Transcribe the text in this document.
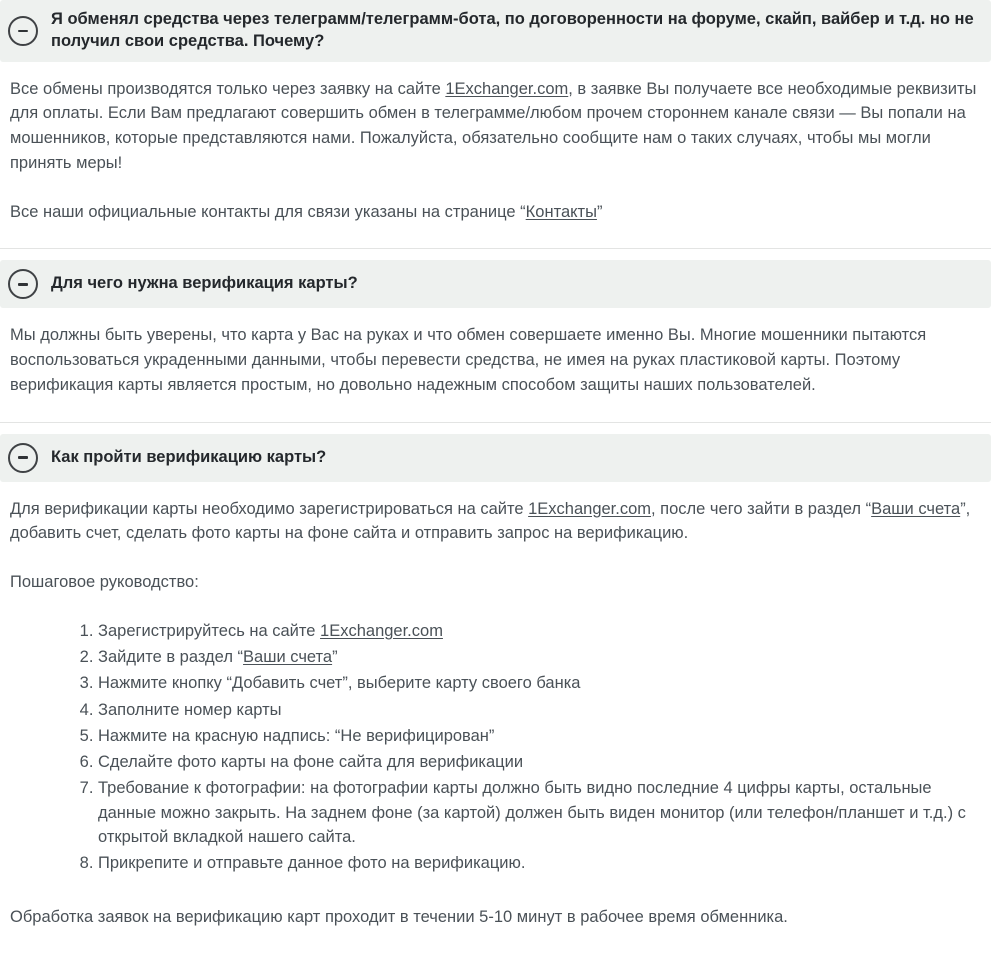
Я обменял средства через телеграмм/телеграмм-бота, по договоренности на форуме, скайп, вайбер и т.д. но не получил свои средства. Почему?

Все обмены производятся только через заявку на сайте 1Exchanger.com, в заявке Вы получаете все необходимые реквизиты для оплаты. Если Вам предлагают совершить обмен в телеграмме/любом прочем стороннем канале связи — Вы попали на мошенников, которые представляются нами. Пожалуйста, обязательно сообщите нам о таких случаях, чтобы мы могли принять меры!

Все наши официальные контакты для связи указаны на странице “Контакты”

Для чего нужна верификация карты?

Мы должны быть уверены, что карта у Вас на руках и что обмен совершаете именно Вы. Многие мошенники пытаются воспользоваться украденными данными, чтобы перевести средства, не имея на руках пластиковой карты. Поэтому верификация карты является простым, но довольно надежным способом защиты наших пользователей.

Как пройти верификацию карты?

Для верификации карты необходимо зарегистрироваться на сайте 1Exchanger.com, после чего зайти в раздел “Ваши счета”, добавить счет, сделать фото карты на фоне сайта и отправить запрос на верификацию.

Пошаговое руководство:

1. Зарегистрируйтесь на сайте 1Exchanger.com
2. Зайдите в раздел “Ваши счета”
3. Нажмите кнопку “Добавить счет”, выберите карту своего банка
4. Заполните номер карты
5. Нажмите на красную надпись: “Не верифицирован”
6. Сделайте фото карты на фоне сайта для верификации
7. Требование к фотографии: на фотографии карты должно быть видно последние 4 цифры карты, остальные данные можно закрыть. На заднем фоне (за картой) должен быть виден монитор (или телефон/планшет и т.д.) с открытой вкладкой нашего сайта.
8. Прикрепите и отправьте данное фото на верификацию.

Обработка заявок на верификацию карт проходит в течении 5-10 минут в рабочее время обменника.
